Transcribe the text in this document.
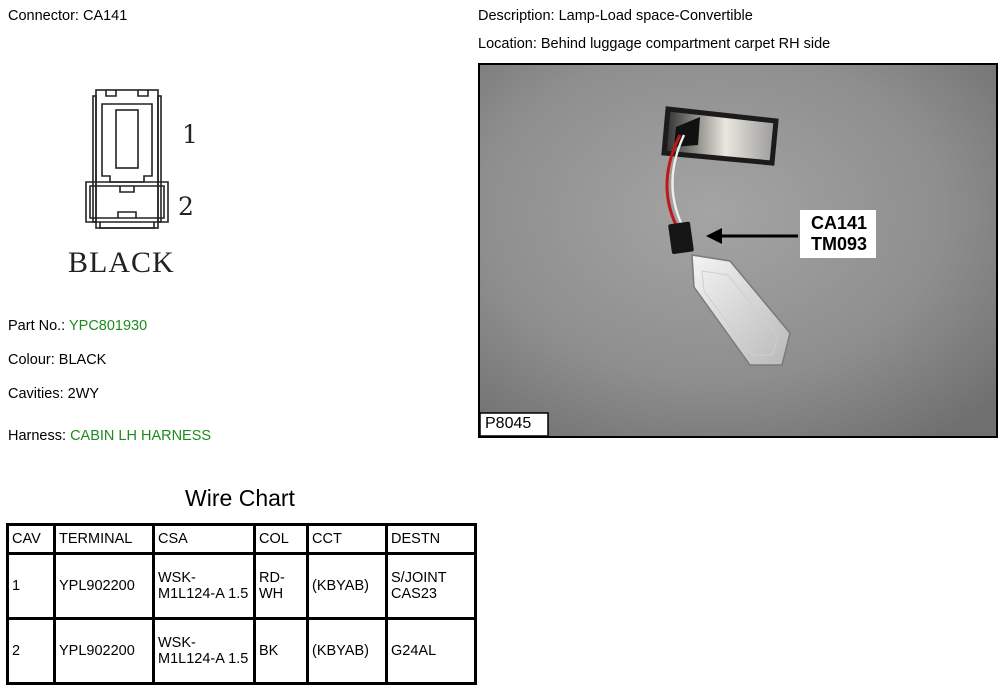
Connector: CA141	Description: Lamp-Load space-Convertible
Location: Behind luggage compartment carpet RH side
1
2
BLACK
CA141
TM093
P8045
Part No.: YPC801930
Colour: BLACK
Cavities: 2WY
Harness: CABIN LH HARNESS
Wire Chart
CAV	TERMINAL	CSA	COL	CCT	DESTN
1	YPL902200	WSK-M1L124-A 1.5	RD-WH	(KBYAB)	S/JOINT CAS23
2	YPL902200	WSK-M1L124-A 1.5	BK	(KBYAB)	G24AL
